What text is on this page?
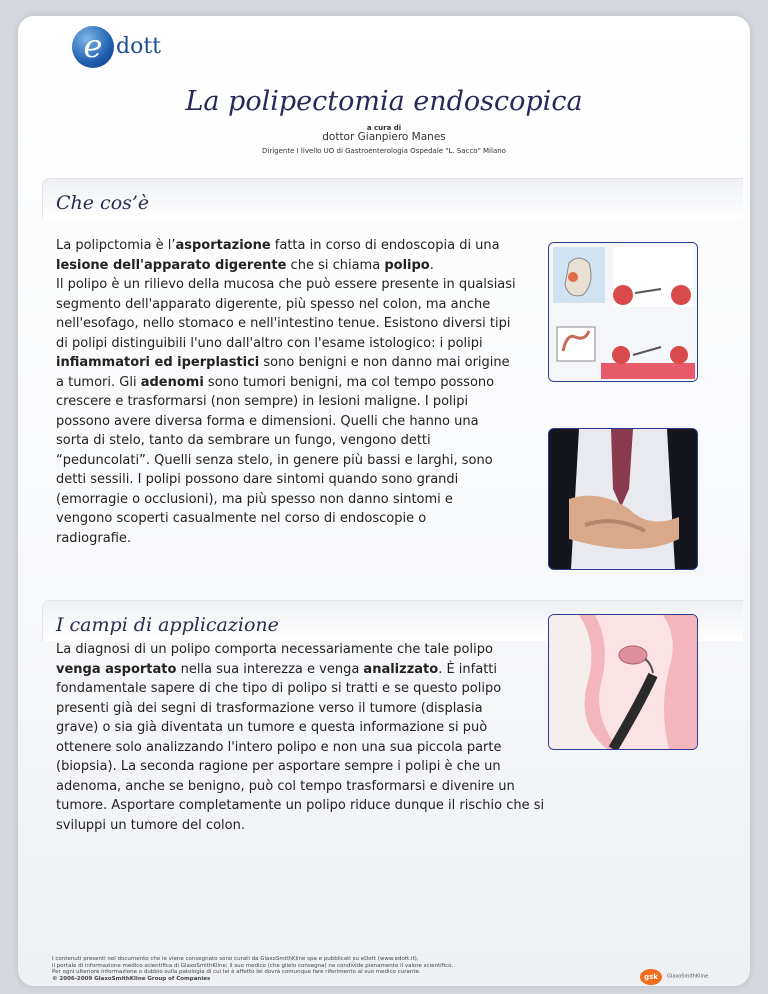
e dott
La polipectomia endoscopica
a cura di
dottor Gianpiero Manes
Dirigente I livello UO di Gastroenterologia Ospedale "L. Sacco" Milano
Che cos’è
La polipctomia è l’asportazione fatta in corso di endoscopia di una
lesione dell'apparato digerente che si chiama polipo.
Il polipo è un rilievo della mucosa che può essere presente in qualsiasi
segmento dell'apparato digerente, più spesso nel colon, ma anche
nell'esofago, nello stomaco e nell'intestino tenue. Esistono diversi tipi
di polipi distinguibili l'uno dall'altro con l'esame istologico: i polipi
infiammatori ed iperplastici sono benigni e non danno mai origine
a tumori. Gli adenomi sono tumori benigni, ma col tempo possono
crescere e trasformarsi (non sempre) in lesioni maligne. I polipi
possono avere diversa forma e dimensioni. Quelli che hanno una
sorta di stelo, tanto da sembrare un fungo, vengono detti
“peduncolati”. Quelli senza stelo, in genere più bassi e larghi, sono
detti sessili. I polipi possono dare sintomi quando sono grandi
(emorragie o occlusioni), ma più spesso non danno sintomi e
vengono scoperti casualmente nel corso di endoscopie o
radiografie.
I campi di applicazione
La diagnosi di un polipo comporta necessariamente che tale polipo
venga asportato nella sua interezza e venga analizzato. È infatti
fondamentale sapere di che tipo di polipo si tratti e se questo polipo
presenti già dei segni di trasformazione verso il tumore (displasia
grave) o sia già diventata un tumore e questa informazione si può
ottenere solo analizzando l'intero polipo e non una sua piccola parte
(biopsia). La seconda ragione per asportare sempre i polipi è che un
adenoma, anche se benigno, può col tempo trasformarsi e divenire un
tumore. Asportare completamente un polipo riduce dunque il rischio che si
sviluppi un tumore del colon.
I contenuti presenti nel documento che le viene consegnato sono curati da GlaxoSmithKline spa e pubblicati su eDott (www.edott.it),
il portale di informazione medico scientifica di GlaxoSmithKline; il suo medico (che glielo consegna) ne condivide pienamente il valore scientifico.
Per ogni ulteriore informazione o dubbio sulla patologia di cui lei è affetto lei dovrà comunque fare riferimento al suo medico curante.
© 2006-2009 GlaxoSmithKline Group of Companies	gsk GlaxoSmithKline
